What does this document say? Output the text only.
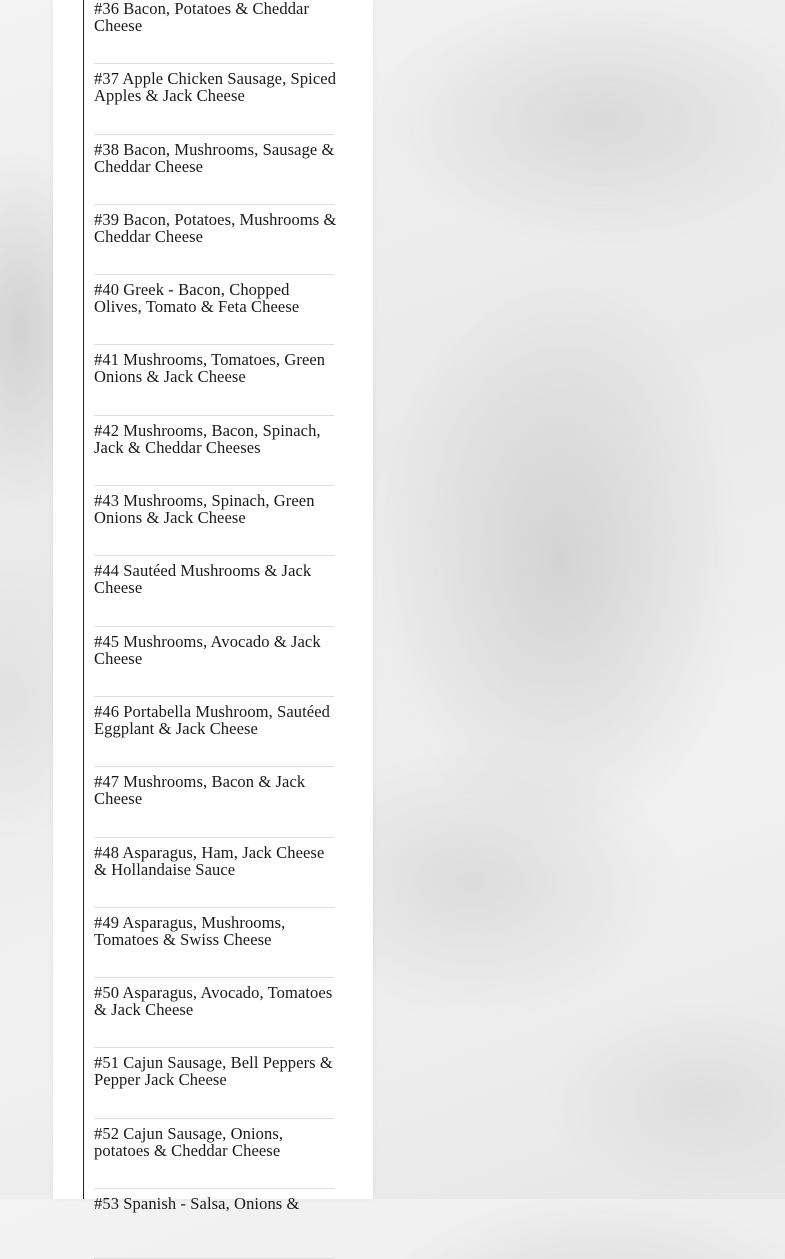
#36 Bacon, Potatoes & Cheddar Cheese
#37 Apple Chicken Sausage, Spiced Apples & Jack Cheese
#38 Bacon, Mushrooms, Sausage & Cheddar Cheese
#39 Bacon, Potatoes, Mushrooms & Cheddar Cheese
#40 Greek - Bacon, Chopped Olives, Tomato & Feta Cheese
#41 Mushrooms, Tomatoes, Green Onions & Jack Cheese
#42 Mushrooms, Bacon, Spinach, Jack & Cheddar Cheeses
#43 Mushrooms, Spinach, Green Onions & Jack Cheese
#44 Sautéed Mushrooms & Jack Cheese
#45 Mushrooms, Avocado & Jack Cheese
#46 Portabella Mushroom, Sautéed Eggplant & Jack Cheese
#47 Mushrooms, Bacon & Jack Cheese
#48 Asparagus, Ham, Jack Cheese & Hollandaise Sauce
#49 Asparagus, Mushrooms, Tomatoes & Swiss Cheese
#50 Asparagus, Avocado, Tomatoes & Jack Cheese
#51 Cajun Sausage, Bell Peppers & Pepper Jack Cheese
#52 Cajun Sausage, Onions, potatoes & Cheddar Cheese
#53 Spanish - Salsa, Onions &
